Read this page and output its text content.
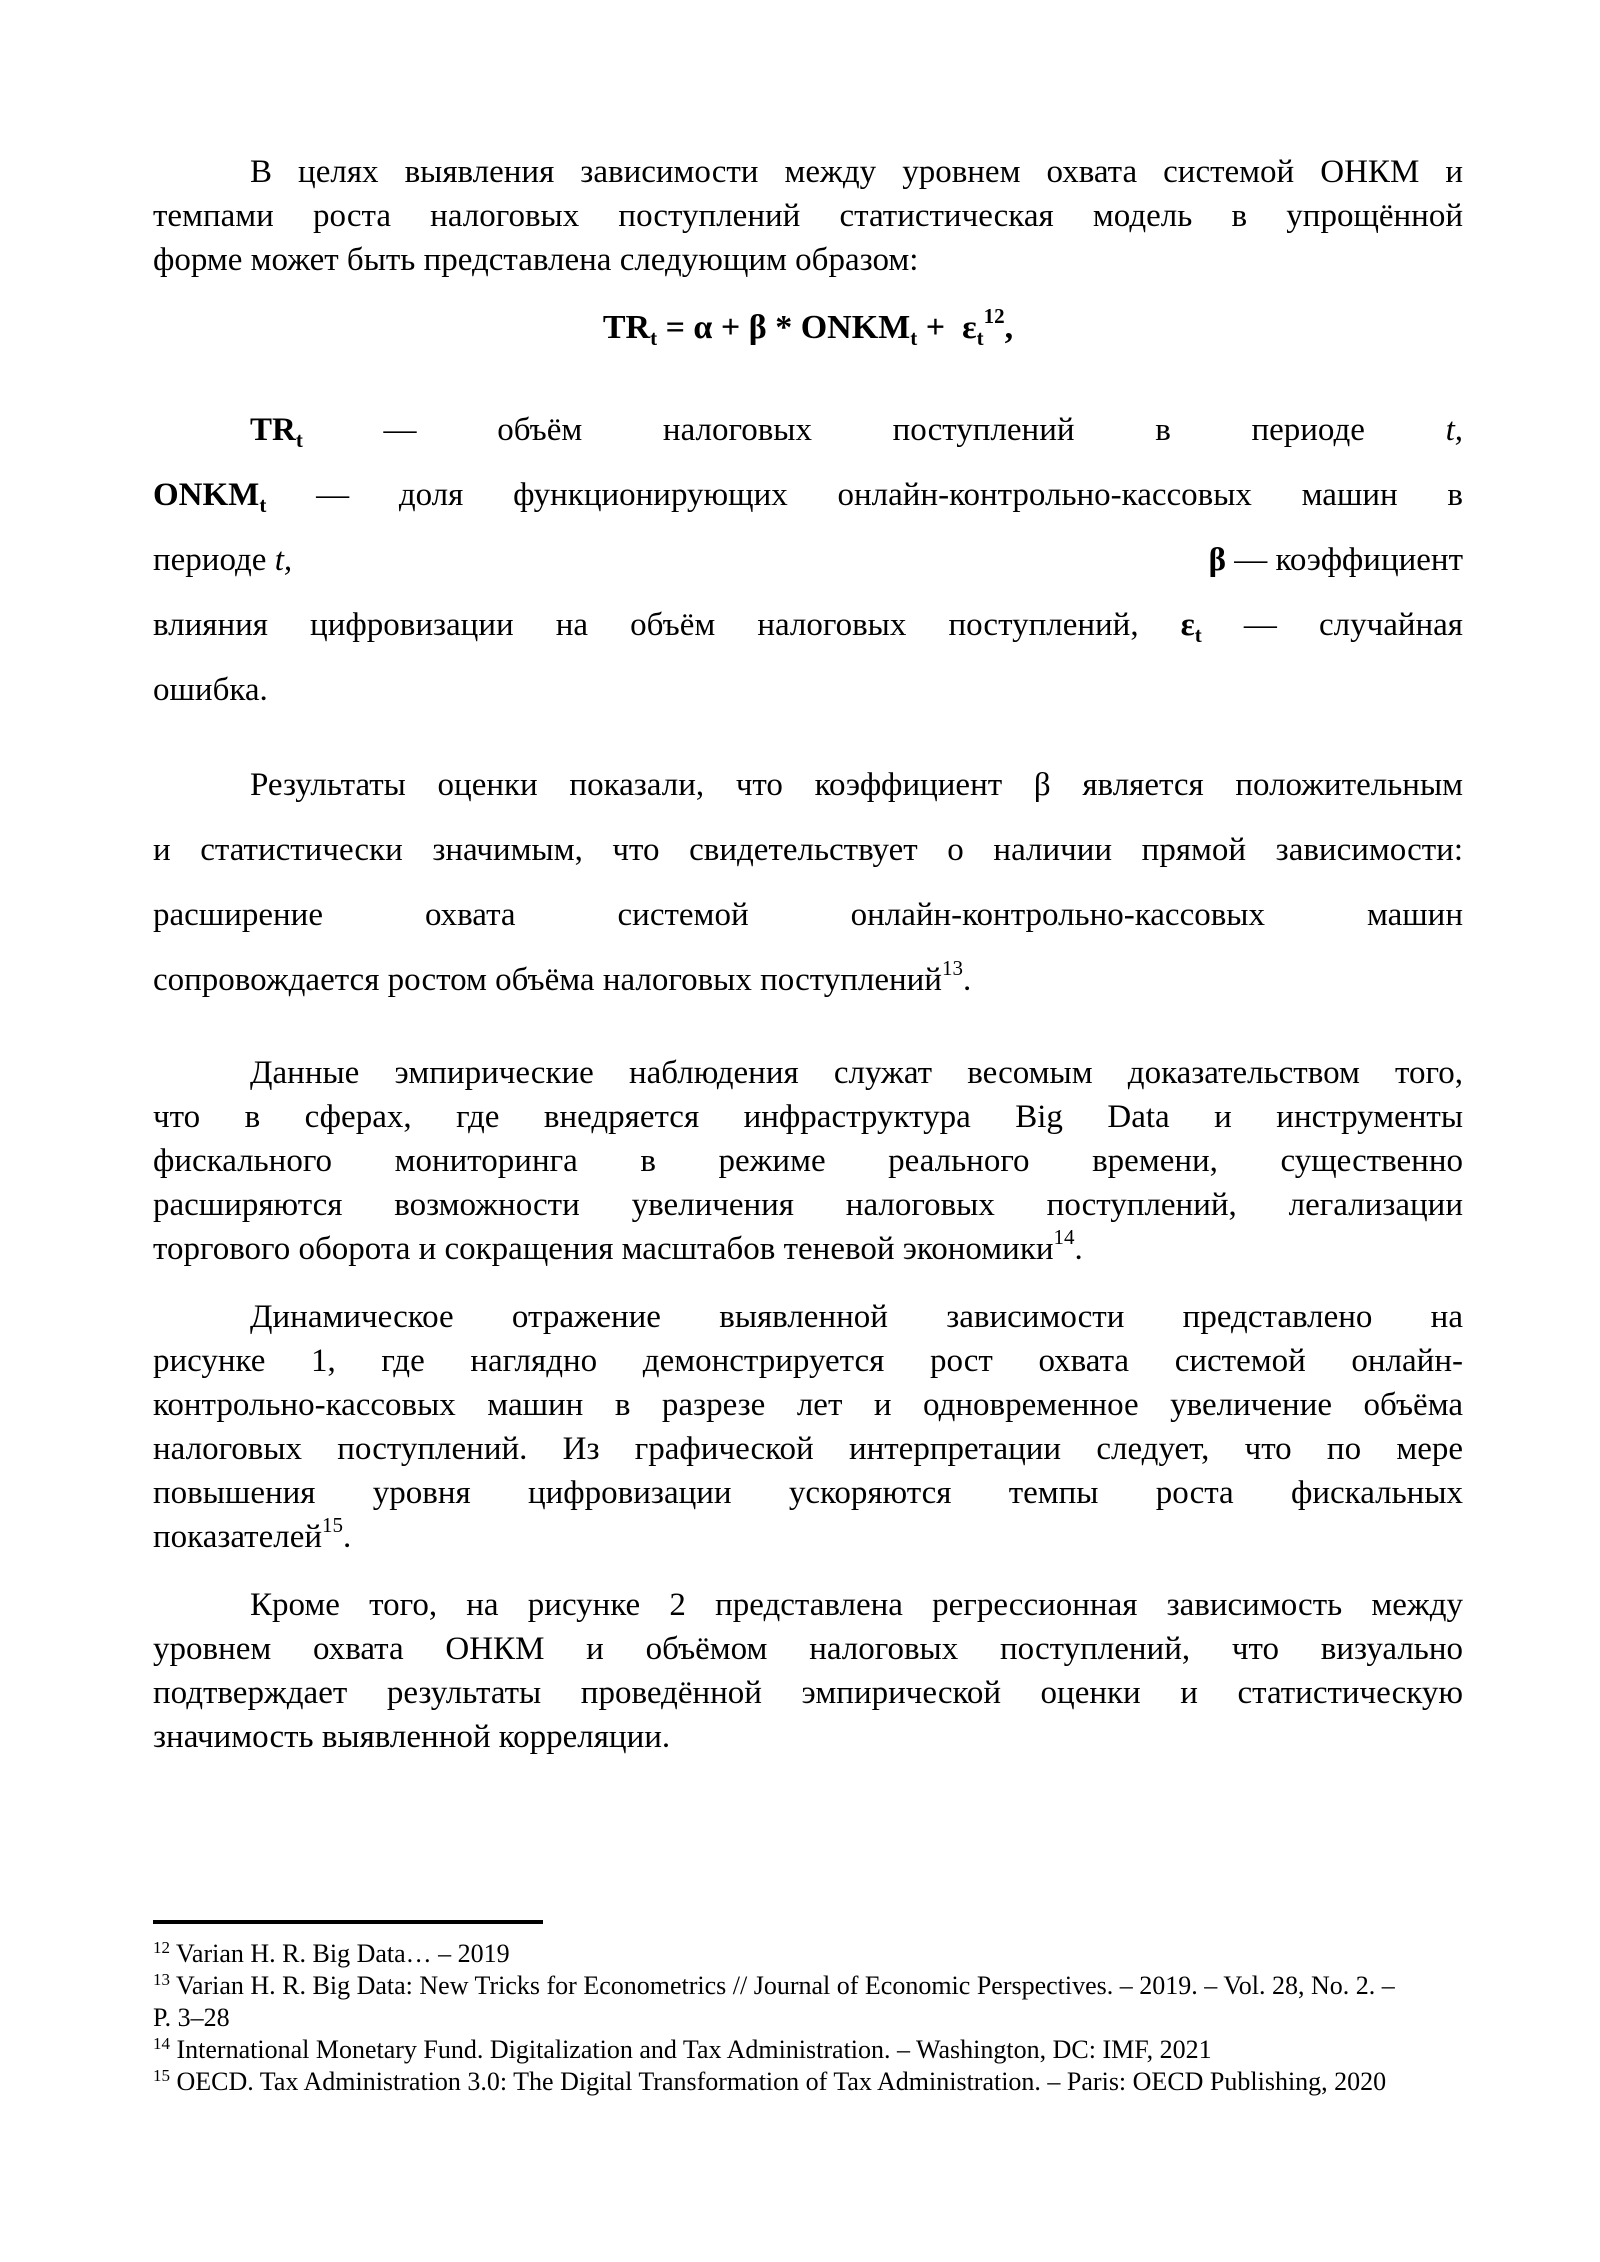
В целях выявления зависимости между уровнем охвата системой ОНКМ и
темпами роста налоговых поступлений статистическая модель в упрощённой
форме может быть представлена следующим образом:
$TR_t = \alpha + \beta$ * $ONKM_t + \varepsilon_t^{12}$,
$TR_t$ — объём налоговых поступлений в периоде t,
$ONKM_t$ — доля функционирующих онлайн-контрольно-кассовых машин в
периоде t,	β — коэффициент
влияния цифровизации на объём налоговых поступлений, $\varepsilon_t$ — случайная
ошибка.
Результаты оценки показали, что коэффициент β является положительным
и статистически значимым, что свидетельствует о наличии прямой зависимости:
расширение охвата системой онлайн-контрольно-кассовых машин
сопровождается ростом объёма налоговых поступлений$^{13}$.
Данные эмпирические наблюдения служат весомым доказательством того,
что в сферах, где внедряется инфраструктура Big Data и инструменты
фискального мониторинга в режиме реального времени, существенно
расширяются возможности увеличения налоговых поступлений, легализации
торгового оборота и сокращения масштабов теневой экономики$^{14}$.
Динамическое отражение выявленной зависимости представлено на
рисунке 1, где наглядно демонстрируется рост охвата системой онлайн-
контрольно-кассовых машин в разрезе лет и одновременное увеличение объёма
налоговых поступлений. Из графической интерпретации следует, что по мере
повышения уровня цифровизации ускоряются темпы роста фискальных
показателей$^{15}$.
Кроме того, на рисунке 2 представлена регрессионная зависимость между
уровнем охвата ОНКМ и объёмом налоговых поступлений, что визуально
подтверждает результаты проведённой эмпирической оценки и статистическую
значимость выявленной корреляции.
$^{12}$ Varian H. R. Big Data… – 2019
$^{13}$ Varian H. R. Big Data: New Tricks for Econometrics // Journal of Economic Perspectives. – 2019. – Vol. 28, No. 2. –
P. 3–28
$^{14}$ International Monetary Fund. Digitalization and Tax Administration. – Washington, DC: IMF, 2021
$^{15}$ OECD. Tax Administration 3.0: The Digital Transformation of Tax Administration. – Paris: OECD Publishing, 2020
